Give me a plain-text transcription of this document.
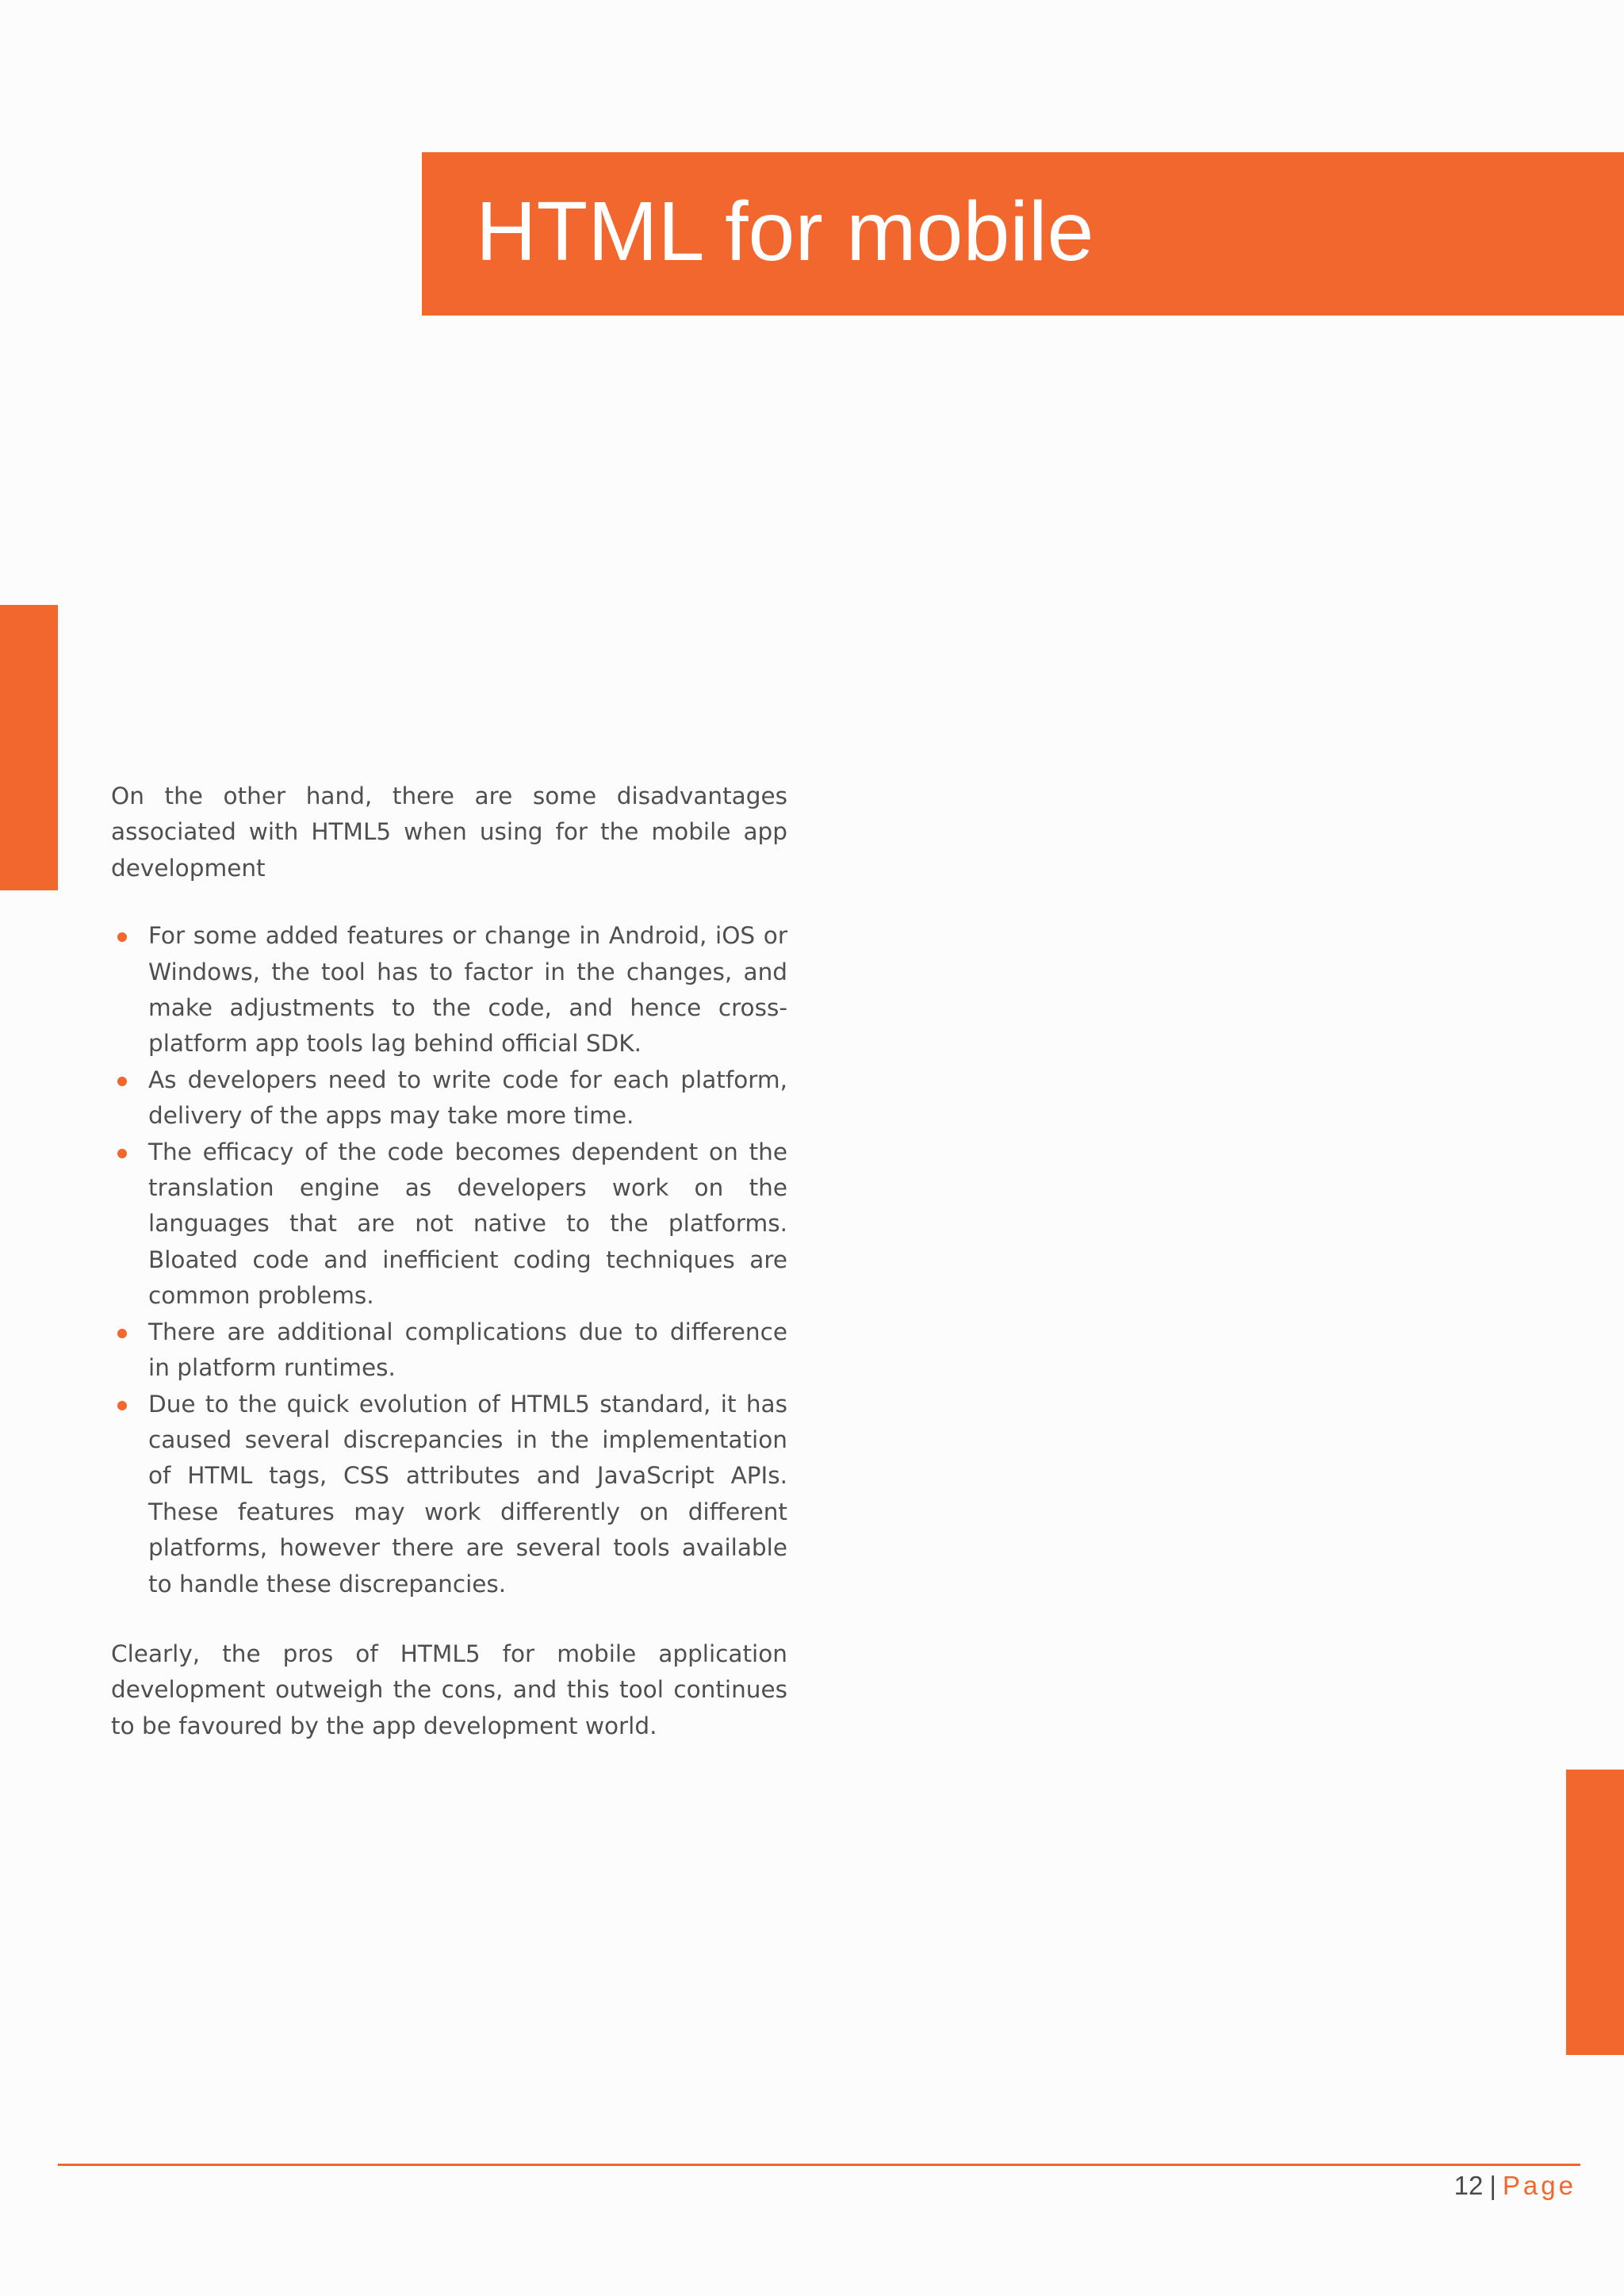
HTML for mobile

On the other hand, there are some disadvantages associated with HTML5 when using for the mobile app development

For some added features or change in Android, iOS or Windows, the tool has to factor in the changes, and make adjustments to the code, and hence cross-platform app tools lag behind official SDK.
As developers need to write code for each platform, delivery of the apps may take more time.
The efficacy of the code becomes dependent on the translation engine as developers work on the languages that are not native to the platforms. Bloated code and inefficient coding techniques are common problems.
There are additional complications due to difference in platform runtimes.
Due to the quick evolution of HTML5 standard, it has caused several discrepancies in the implementation of HTML tags, CSS attributes and JavaScript APIs. These features may work differently on different platforms, however there are several tools available to handle these discrepancies.

Clearly, the pros of HTML5 for mobile application development outweigh the cons, and this tool continues to be favoured by the app development world.

12 | Page
